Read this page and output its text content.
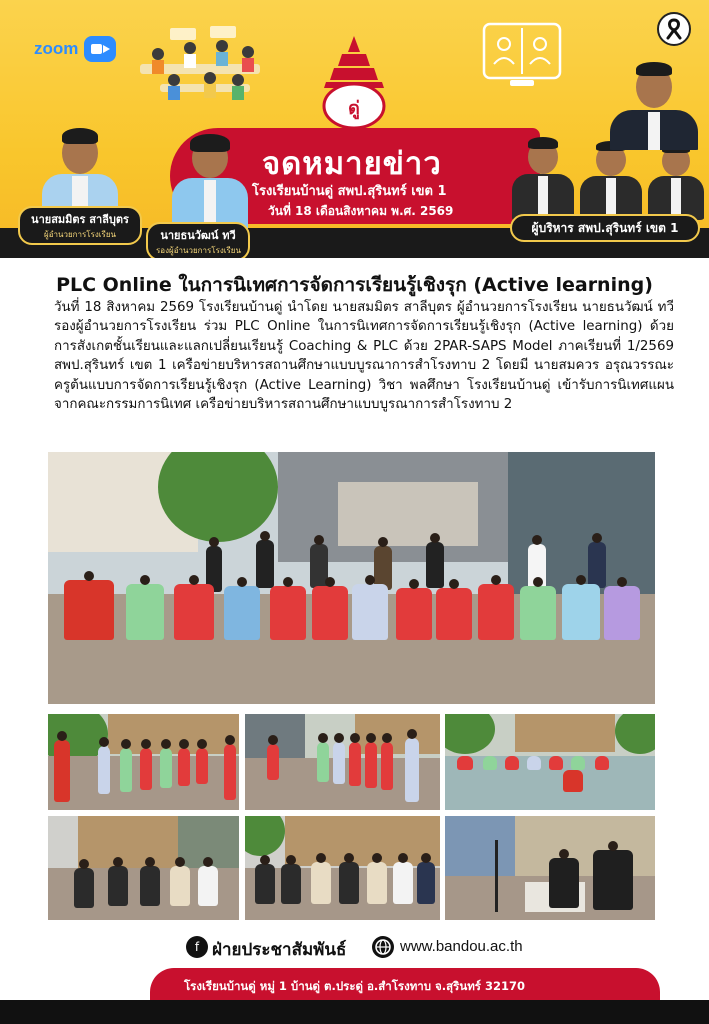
zoom
ดู่
จดหมายข่าว
โรงเรียนบ้านดู่ สพป.สุรินทร์ เขต 1
วันที่ 18 เดือนสิงหาคม พ.ศ. 2569
นายสมมิตร สาลีบุตร
ผู้อำนวยการโรงเรียน	นายธนวัฒน์ ทวี
รองผู้อำนวยการโรงเรียน
ผู้บริหาร สพป.สุรินทร์ เขต 1
PLC Online ในการนิเทศการจัดการเรียนรู้เชิงรุก (Active learning)
วันที่ 18 สิงหาคม 2569 โรงเรียนบ้านดู่ นำโดย นายสมมิตร สาลีบุตร ผู้อำนวยการโรงเรียน นายธนวัฒน์ ทวี รองผู้อำนวยการโรงเรียน ร่วม PLC Online ในการนิเทศการจัดการเรียนรู้เชิงรุก (Active learning) ด้วยการสังเกตชั้นเรียนและแลกเปลี่ยนเรียนรู้ Coaching & PLC ด้วย 2PAR-SAPS Model ภาคเรียนที่ 1/2569 สพป.สุรินทร์ เขต 1 เครือข่ายบริหารสถานศึกษาแบบบูรณาการสำโรงทาบ 2 โดยมี นายสมควร อรุณวรรณะ ครูต้นแบบการจัดการเรียนรู้เชิงรุก (Active Learning) วิชา พลศึกษา โรงเรียนบ้านดู่ เข้ารับการนิเทศแผนจากคณะกรรมการนิเทศ เครือข่ายบริหารสถานศึกษาแบบบูรณาการสำโรงทาบ 2
f ฝ่ายประชาสัมพันธ์	www.bandou.ac.th
โรงเรียนบ้านดู่ หมู่ 1 บ้านดู่ ต.ประดู่ อ.สำโรงทาบ จ.สุรินทร์ 32170
